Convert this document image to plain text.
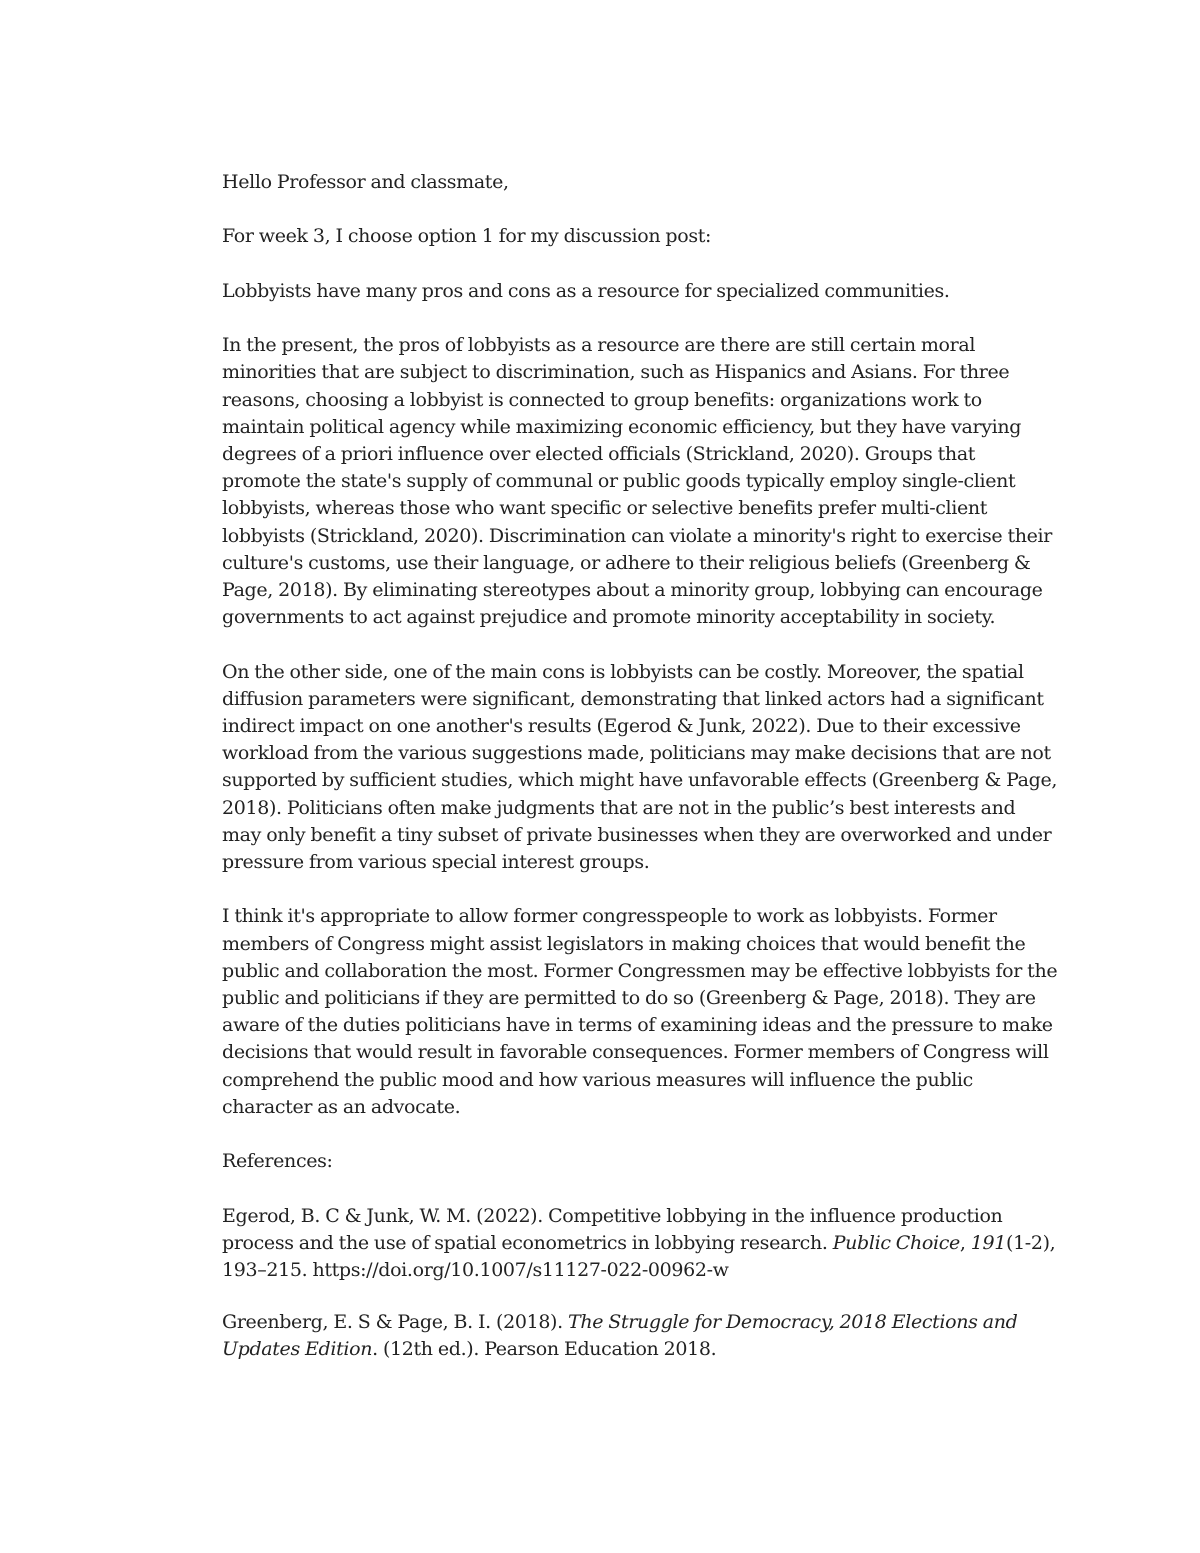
Hello Professor and classmate,

For week 3, I choose option 1 for my discussion post:

Lobbyists have many pros and cons as a resource for specialized communities.

In the present, the pros of lobbyists as a resource are there are still certain moral minorities that are subject to discrimination, such as Hispanics and Asians. For three reasons, choosing a lobbyist is connected to group benefits: organizations work to maintain political agency while maximizing economic efficiency, but they have varying degrees of a priori influence over elected officials (Strickland, 2020). Groups that promote the state's supply of communal or public goods typically employ single-client lobbyists, whereas those who want specific or selective benefits prefer multi-client lobbyists (Strickland, 2020). Discrimination can violate a minority's right to exercise their culture's customs, use their language, or adhere to their religious beliefs (Greenberg & Page, 2018). By eliminating stereotypes about a minority group, lobbying can encourage governments to act against prejudice and promote minority acceptability in society.

On the other side, one of the main cons is lobbyists can be costly. Moreover, the spatial diffusion parameters were significant, demonstrating that linked actors had a significant indirect impact on one another's results (Egerod & Junk, 2022). Due to their excessive workload from the various suggestions made, politicians may make decisions that are not supported by sufficient studies, which might have unfavorable effects (Greenberg & Page, 2018). Politicians often make judgments that are not in the public’s best interests and may only benefit a tiny subset of private businesses when they are overworked and under pressure from various special interest groups.

I think it's appropriate to allow former congresspeople to work as lobbyists. Former members of Congress might assist legislators in making choices that would benefit the public and collaboration the most. Former Congressmen may be effective lobbyists for the public and politicians if they are permitted to do so (Greenberg & Page, 2018). They are aware of the duties politicians have in terms of examining ideas and the pressure to make decisions that would result in favorable consequences. Former members of Congress will comprehend the public mood and how various measures will influence the public character as an advocate.

References:

Egerod, B. C & Junk, W. M. (2022). Competitive lobbying in the influence production process and the use of spatial econometrics in lobbying research. Public Choice, 191(1-2), 193–215. https://doi.org/10.1007/s11127-022-00962-w

Greenberg, E. S & Page, B. I. (2018). The Struggle for Democracy, 2018 Elections and Updates Edition. (12th ed.). Pearson Education 2018.
